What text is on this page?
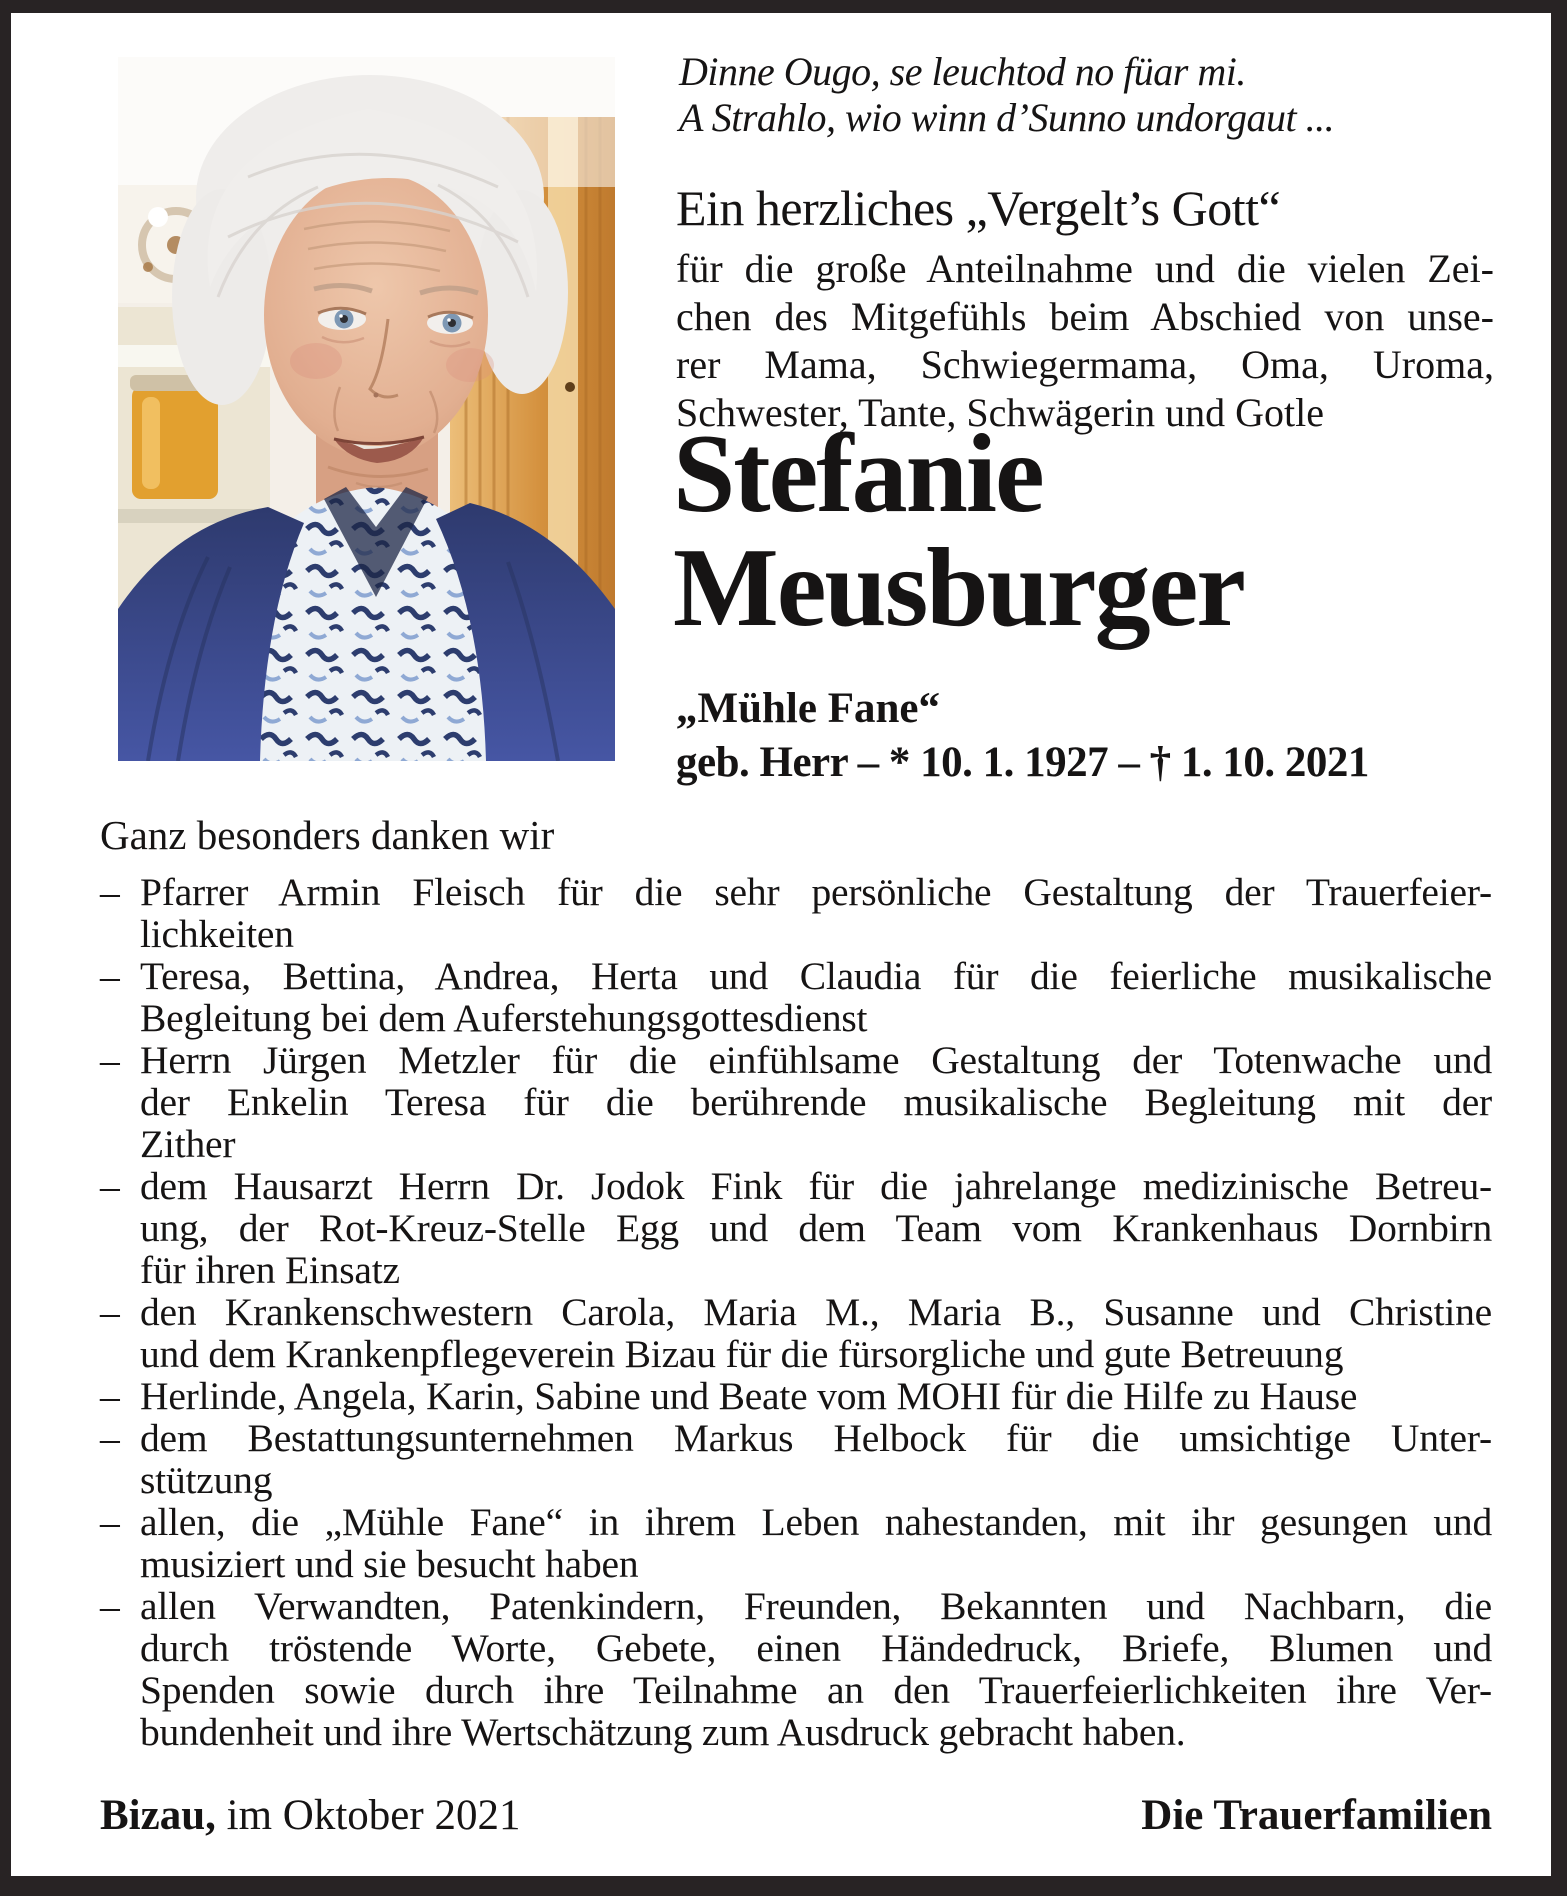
Dinne Ougo, se leuchtod no füar mi.
A Strahlo, wio winn d’Sunno undorgaut ...
Ein herzliches „Vergelt’s Gott“
für die große Anteilnahme und die vielen Zei-
chen des Mitgefühls beim Abschied von unse-
rer Mama, Schwiegermama, Oma, Uroma,
Schwester, Tante, Schwägerin und Gotle
Stefanie
Meusburger
„Mühle Fane“
geb. Herr – * 10. 1. 1927 – † 1. 10. 2021
Ganz besonders danken wir
– Pfarrer Armin Fleisch für die sehr persönliche Gestaltung der Trauerfeier-
lichkeiten
– Teresa, Bettina, Andrea, Herta und Claudia für die feierliche musikalische
Begleitung bei dem Auferstehungsgottesdienst
– Herrn Jürgen Metzler für die einfühlsame Gestaltung der Totenwache und
der Enkelin Teresa für die berührende musikalische Begleitung mit der
Zither
– dem Hausarzt Herrn Dr. Jodok Fink für die jahrelange medizinische Betreu-
ung, der Rot-Kreuz-Stelle Egg und dem Team vom Krankenhaus Dornbirn
für ihren Einsatz
– den Krankenschwestern Carola, Maria M., Maria B., Susanne und Christine
und dem Krankenpflegeverein Bizau für die fürsorgliche und gute Betreuung
– Herlinde, Angela, Karin, Sabine und Beate vom MOHI für die Hilfe zu Hause
– dem Bestattungsunternehmen Markus Helbock für die umsichtige Unter-
stützung
– allen, die „Mühle Fane“ in ihrem Leben nahestanden, mit ihr gesungen und
musiziert und sie besucht haben
– allen Verwandten, Patenkindern, Freunden, Bekannten und Nachbarn, die
durch tröstende Worte, Gebete, einen Händedruck, Briefe, Blumen und
Spenden sowie durch ihre Teilnahme an den Trauerfeierlichkeiten ihre Ver-
bundenheit und ihre Wertschätzung zum Ausdruck gebracht haben.
Bizau, im Oktober 2021	Die Trauerfamilien
